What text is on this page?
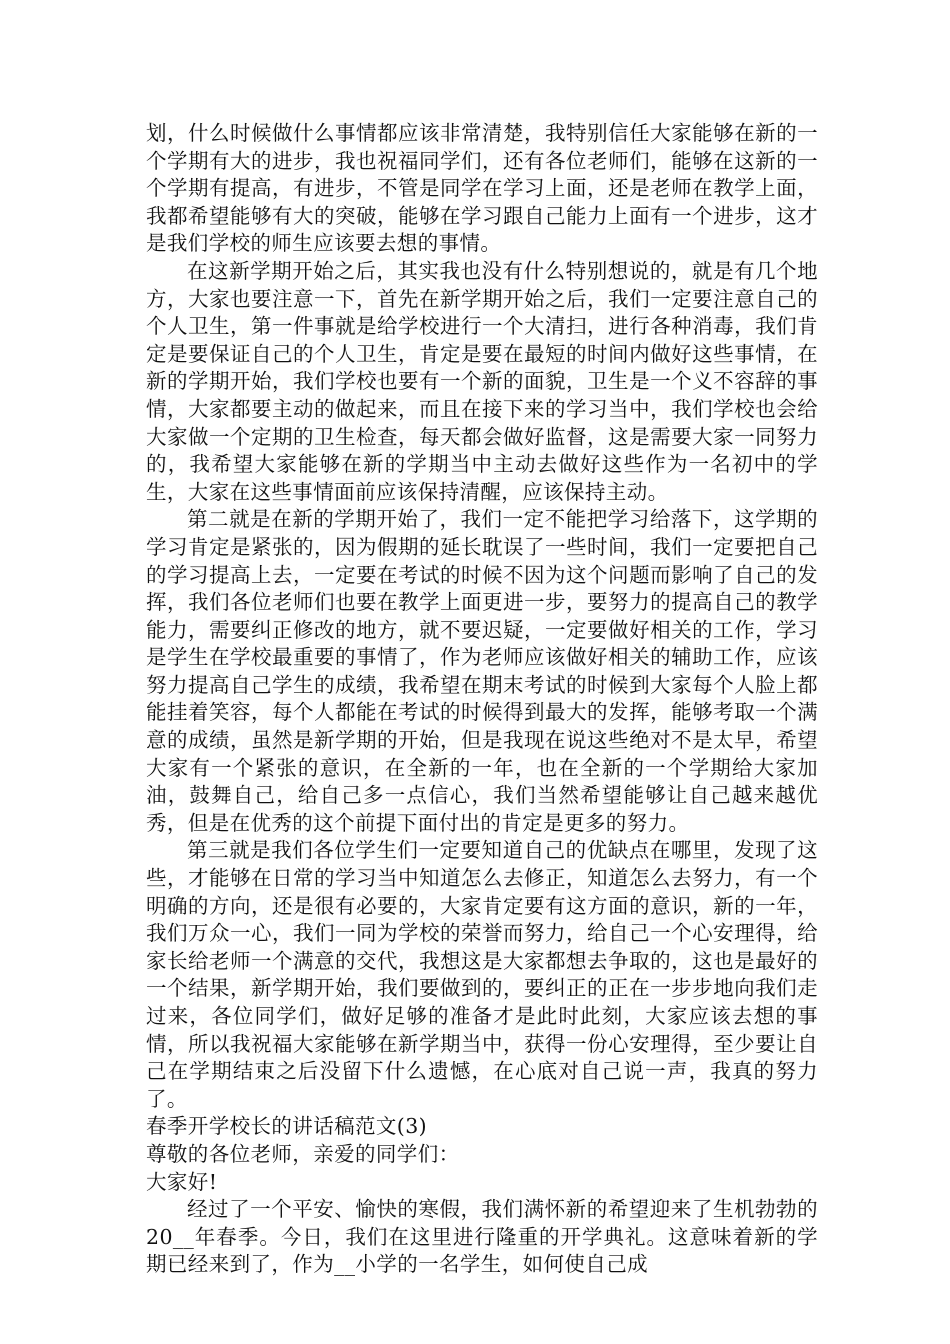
划，什么时候做什么事情都应该非常清楚，我特别信任大家能够在新的一个学期有大的进步，我也祝福同学们，还有各位老师们，能够在这新的一个学期有提高，有进步，不管是同学在学习上面，还是老师在教学上面，我都希望能够有大的突破，能够在学习跟自己能力上面有一个进步，这才是我们学校的师生应该要去想的事情。

在这新学期开始之后，其实我也没有什么特别想说的，就是有几个地方，大家也要注意一下，首先在新学期开始之后，我们一定要注意自己的个人卫生，第一件事就是给学校进行一个大清扫，进行各种消毒，我们肯定是要保证自己的个人卫生，肯定是要在最短的时间内做好这些事情，在新的学期开始，我们学校也要有一个新的面貌，卫生是一个义不容辞的事情，大家都要主动的做起来，而且在接下来的学习当中，我们学校也会给大家做一个定期的卫生检查，每天都会做好监督，这是需要大家一同努力的，我希望大家能够在新的学期当中主动去做好这些作为一名初中的学生，大家在这些事情面前应该保持清醒，应该保持主动。

第二就是在新的学期开始了，我们一定不能把学习给落下，这学期的学习肯定是紧张的，因为假期的延长耽误了一些时间，我们一定要把自己的学习提高上去，一定要在考试的时候不因为这个问题而影响了自己的发挥，我们各位老师们也要在教学上面更进一步，要努力的提高自己的教学能力，需要纠正修改的地方，就不要迟疑，一定要做好相关的工作，学习是学生在学校最重要的事情了，作为老师应该做好相关的辅助工作，应该努力提高自己学生的成绩，我希望在期末考试的时候到大家每个人脸上都能挂着笑容，每个人都能在考试的时候得到最大的发挥，能够考取一个满意的成绩，虽然是新学期的开始，但是我现在说这些绝对不是太早，希望大家有一个紧张的意识，在全新的一年，也在全新的一个学期给大家加油，鼓舞自己，给自己多一点信心，我们当然希望能够让自己越来越优秀，但是在优秀的这个前提下面付出的肯定是更多的努力。

第三就是我们各位学生们一定要知道自己的优缺点在哪里，发现了这些，才能够在日常的学习当中知道怎么去修正，知道怎么去努力，有一个明确的方向，还是很有必要的，大家肯定要有这方面的意识，新的一年，我们万众一心，我们一同为学校的荣誉而努力，给自己一个心安理得，给家长给老师一个满意的交代，我想这是大家都想去争取的，这也是最好的一个结果，新学期开始，我们要做到的，要纠正的正在一步步地向我们走过来，各位同学们，做好足够的准备才是此时此刻，大家应该去想的事情，所以我祝福大家能够在新学期当中，获得一份心安理得，至少要让自己在学期结束之后没留下什么遗憾，在心底对自己说一声，我真的努力了。

春季开学校长的讲话稿范文(3)

尊敬的各位老师，亲爱的同学们：

大家好!

经过了一个平安、愉快的寒假，我们满怀新的希望迎来了生机勃勃的20__年春季。今日，我们在这里进行隆重的开学典礼。这意味着新的学期已经来到了，作为__小学的一名学生，如何使自己成
